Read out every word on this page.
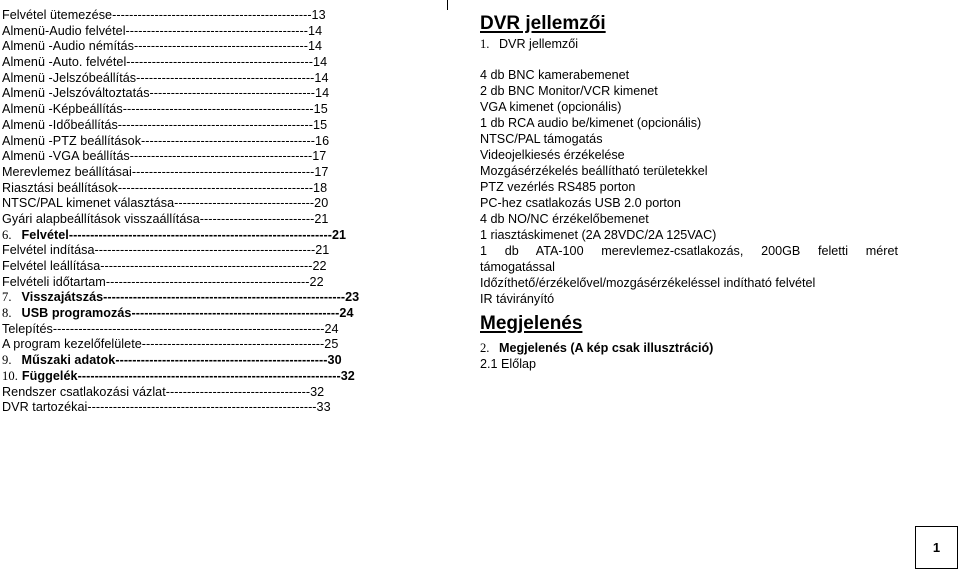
Felvétel ütemezése-----------------------------------------------13
Almenü-Audio felvétel-------------------------------------------14
Almenü -Audio némítás-----------------------------------------14
Almenü -Auto. felvétel--------------------------------------------14
Almenü -Jelszóbeállítás------------------------------------------14
Almenü -Jelszóváltoztatás---------------------------------------14
Almenü -Képbeállítás---------------------------------------------15
Almenü -Időbeállítás----------------------------------------------15
Almenü -PTZ beállítások-----------------------------------------16
Almenü -VGA beállítás-------------------------------------------17
Merevlemez beállításai-------------------------------------------17
Riasztási beállítások----------------------------------------------18
NTSC/PAL kimenet választása---------------------------------20
Gyári alapbeállítások visszaállítása---------------------------21
6. Felvétel--------------------------------------------------------------21
Felvétel indítása----------------------------------------------------21
Felvétel leállítása--------------------------------------------------22
Felvételi időtartam------------------------------------------------22
7. Visszajátszás---------------------------------------------------------23
8. USB programozás-------------------------------------------------24
Telepítés----------------------------------------------------------------24
A program kezelőfelülete-------------------------------------------25
9. Műszaki adatok--------------------------------------------------30
10. Függelék--------------------------------------------------------------32
Rendszer csatlakozási vázlat----------------------------------32
DVR tartozékai------------------------------------------------------33
DVR jellemzői
1. DVR jellemzői
4 db BNC kamerabemenet
2 db BNC Monitor/VCR kimenet
VGA kimenet (opcionális)
1 db RCA audio be/kimenet (opcionális)
NTSC/PAL támogatás
Videojelkiesés érzékelése
Mozgásérzékelés beállítható területekkel
PTZ vezérlés RS485 porton
PC-hez csatlakozás USB 2.0 porton
4 db NO/NC érzékelőbemenet
1 riasztáskimenet (2A 28VDC/2A 125VAC)
1 db ATA-100 merevlemez-csatlakozás, 200GB feletti méret
támogatással
Időzíthető/érzékelővel/mozgásérzékeléssel indítható felvétel
IR távirányító
Megjelenés
2. Megjelenés (A kép csak illusztráció)
2.1 Előlap
1
